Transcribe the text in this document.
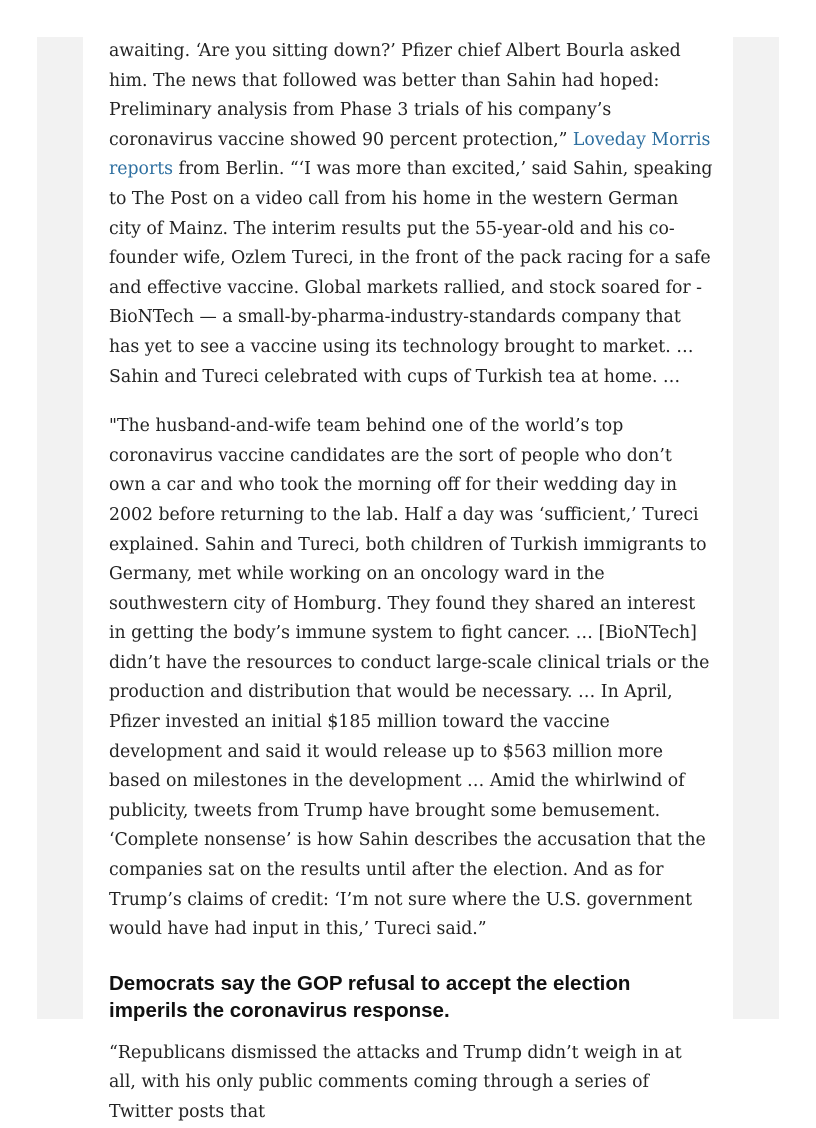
awaiting. ‘Are you sitting down?’ Pfizer chief Albert Bourla asked him. The news that followed was better than Sahin had hoped: Preliminary analysis from Phase 3 trials of his company’s coronavirus vaccine showed 90 percent protection,” Loveday Morris reports from Berlin. “‘I was more than excited,’ said Sahin, speaking to The Post on a video call from his home in the western German city of Mainz. The interim results put the 55-year-old and his co-founder wife, Ozlem Tureci, in the front of the pack racing for a safe and effective vaccine. Global markets rallied, and stock soared for -BioNTech — a small-by-pharma-industry-standards company that has yet to see a vaccine using its technology brought to market. … Sahin and Tureci celebrated with cups of Turkish tea at home. …

"The husband-and-wife team behind one of the world’s top coronavirus vaccine candidates are the sort of people who don’t own a car and who took the morning off for their wedding day in 2002 before returning to the lab. Half a day was ‘sufficient,’ Tureci explained. Sahin and Tureci, both children of Turkish immigrants to Germany, met while working on an oncology ward in the southwestern city of Homburg. They found they shared an interest in getting the body’s immune system to fight cancer. … [BioNTech] didn’t have the resources to conduct large-scale clinical trials or the production and distribution that would be necessary. … In April, Pfizer invested an initial $185 million toward the vaccine development and said it would release up to $563 million more based on milestones in the development … Amid the whirlwind of publicity, tweets from Trump have brought some bemusement. ‘Complete nonsense’ is how Sahin describes the accusation that the companies sat on the results until after the election. And as for Trump’s claims of credit: ‘I’m not sure where the U.S. government would have had input in this,’ Tureci said.”

Democrats say the GOP refusal to accept the election imperils the coronavirus response.

“Republicans dismissed the attacks and Trump didn’t weigh in at all, with his only public comments coming through a series of Twitter posts that
